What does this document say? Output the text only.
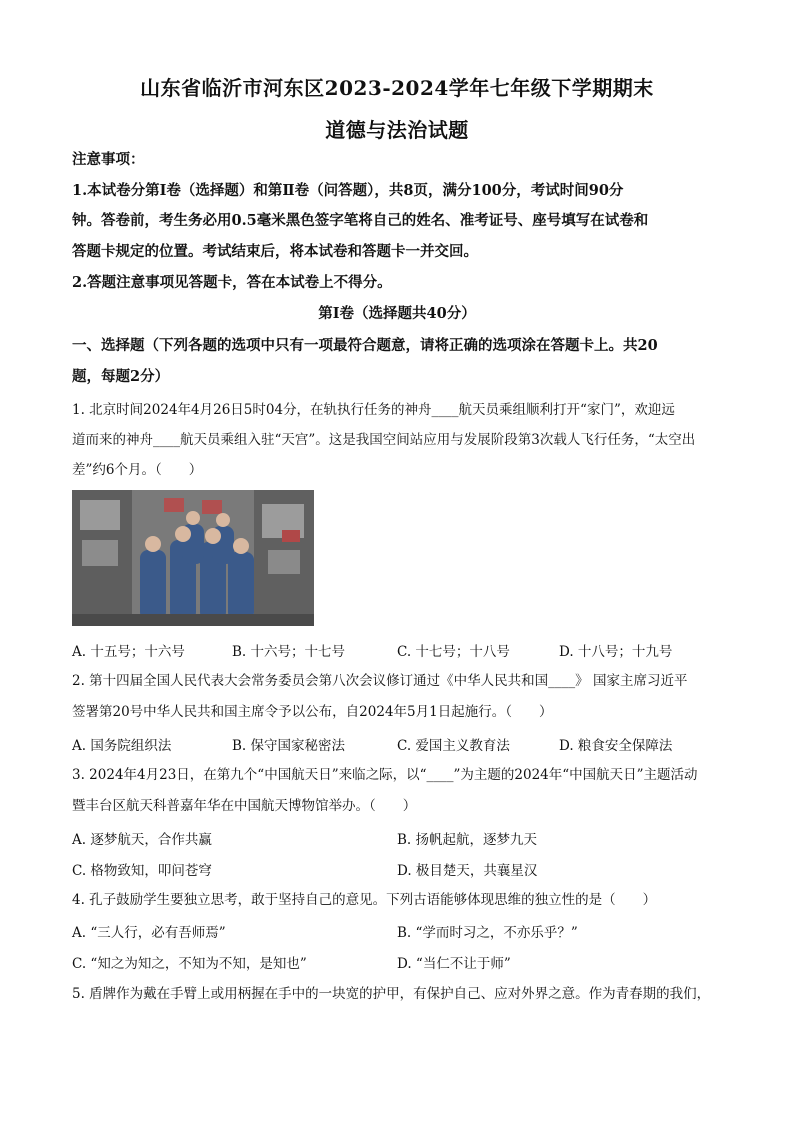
山东省临沂市河东区2023-2024学年七年级下学期期末
道德与法治试题
注意事项：
1.本试卷分第Ⅰ卷（选择题）和第Ⅱ卷（问答题），共8页，满分100分，考试时间90分
钟。答卷前，考生务必用0.5毫米黑色签字笔将自己的姓名、准考证号、座号填写在试卷和
答题卡规定的位置。考试结束后，将本试卷和答题卡一并交回。
2.答题注意事项见答题卡，答在本试卷上不得分。
第Ⅰ卷（选择题共40分）
一、选择题（下列各题的选项中只有一项最符合题意，请将正确的选项涂在答题卡上。共20
题，每题2分）
1. 北京时间2024年4月26日5时04分，在轨执行任务的神舟____航天员乘组顺利打开“家门”，欢迎远
道而来的神舟____航天员乘组入驻“天宫”。这是我国空间站应用与发展阶段第3次载人飞行任务，“太空出
差”约6个月。（　　）
A. 十五号；十六号	B. 十六号；十七号	C. 十七号；十八号	D. 十八号；十九号
2. 第十四届全国人民代表大会常务委员会第八次会议修订通过《中华人民共和国____》 国家主席习近平
签署第20号中华人民共和国主席令予以公布，自2024年5月1日起施行。（　　）
A. 国务院组织法	B. 保守国家秘密法	C. 爱国主义教育法	D. 粮食安全保障法
3. 2024年4月23日，在第九个“中国航天日”来临之际，以“____”为主题的2024年“中国航天日”主题活动
暨丰台区航天科普嘉年华在中国航天博物馆举办。（　　）
A. 逐梦航天，合作共赢	B. 扬帆起航，逐梦九天
C. 格物致知，叩问苍穹	D. 极目楚天，共襄星汉
4. 孔子鼓励学生要独立思考，敢于坚持自己的意见。下列古语能够体现思维的独立性的是（　　）
A. “三人行，必有吾师焉”	B. “学而时习之，不亦乐乎？”
C. “知之为知之，不知为不知，是知也”	D. “当仁不让于师”
5. 盾牌作为戴在手臂上或用柄握在手中的一块宽的护甲，有保护自己、应对外界之意。作为青春期的我们，
